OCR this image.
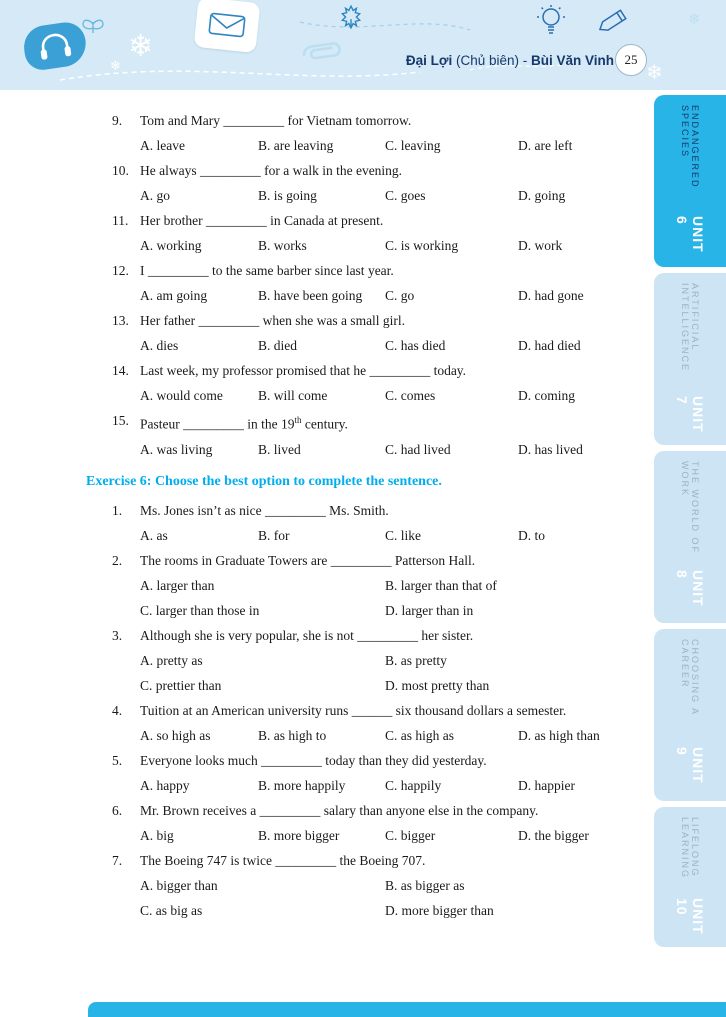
❄
❄
❄
❄
Đại Lợi (Chủ biên) - Bùi Văn Vinh 25
ENDANGERED SPECIES
UNIT 6
ARTIFICIAL INTELLIGENCE
UNIT 7
THE WORLD OF WORK
UNIT 8
CHOOSING A CAREER
UNIT 9
LIFELONG LEARNING
UNIT 10
9.	Tom and Mary _________ for Vietnam tomorrow.
A. leave	B. are leaving	C. leaving	D. are left
10. He always _________ for a walk in the evening.
A. go	B. is going	C. goes	D. going
11. Her brother _________ in Canada at present.
A. working	B. works	C. is working	D. work
12. I _________ to the same barber since last year.
A. am going	B. have been going	C. go	D. had gone
13. Her father _________ when she was a small girl.
A. dies	B. died	C. has died	D. had died
14. Last week, my professor promised that he _________ today.
A. would come	B. will come	C. comes	D. coming
15. Pasteur _________ in the 19th century.
A. was living	B. lived	C. had lived	D. has lived
Exercise 6: Choose the best option to complete the sentence.
1.	Ms. Jones isn’t as nice _________ Ms. Smith.
A. as	B. for	C. like	D. to
2.	The rooms in Graduate Towers are _________ Patterson Hall.
A. larger than	B. larger than that of
C. larger than those in	D. larger than in
3.	Although she is very popular, she is not _________ her sister.
A. pretty as	B. as pretty
C. prettier than	D. most pretty than
4.	Tuition at an American university runs ______ six thousand dollars a semester.
A. so high as	B. as high to	C. as high as	D. as high than
5.	Everyone looks much _________ today than they did yesterday.
A. happy	B. more happily	C. happily	D. happier
6.	Mr. Brown receives a _________ salary than anyone else in the company.
A. big	B. more bigger	C. bigger	D. the bigger
7.	The Boeing 747 is twice _________ the Boeing 707.
A. bigger than	B. as bigger as
C. as big as	D. more bigger than
